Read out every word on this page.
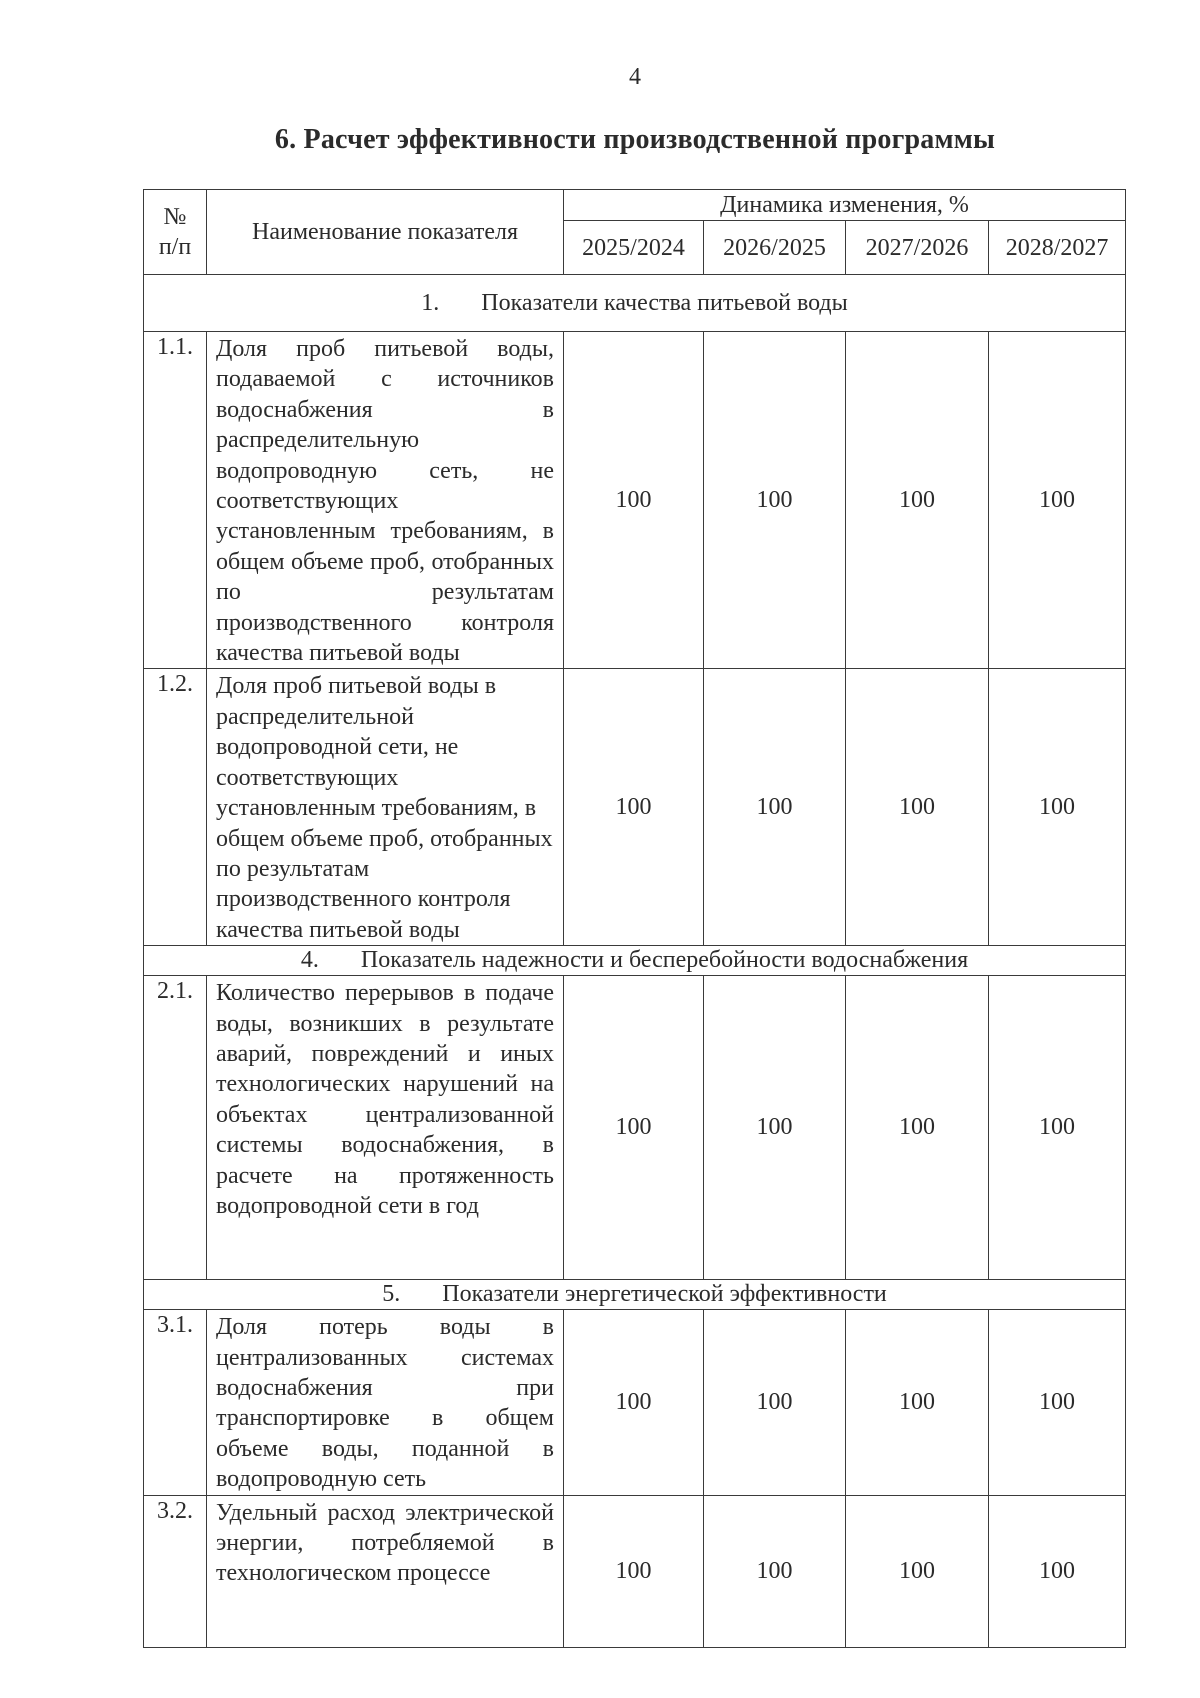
4
6. Расчет эффективности производственной программы
№ п/п	Наименование показателя	Динамика изменения, %			
		2025/2024	2026/2025	2027/2026	2028/2027
1. Показатели качества питьевой воды					
1.1.	Доля проб питьевой воды, подаваемой с источников водоснабжения в распределительную водопроводную сеть, не соответствующих установленным требованиям, в общем объеме проб, отобранных по результатам производственного контроля качества питьевой воды	100	100	100	100
1.2.	Доля проб питьевой воды в распределительной водопроводной сети, не соответствующих установленным требованиям, в общем объеме проб, отобранных по результатам производственного контроля качества питьевой воды	100	100	100	100
4. Показатель надежности и бесперебойности водоснабжения					
2.1.	Количество перерывов в подаче воды, возникших в результате аварий, повреждений и иных технологических нарушений на объектах централизованной системы водоснабжения, в расчете на протяженность водопроводной сети в год	100	100	100	100
5. Показатели энергетической эффективности					
3.1.	Доля потерь воды в централизованных системах водоснабжения при транспортировке в общем объеме воды, поданной в водопроводную сеть	100	100	100	100
3.2.	Удельный расход электрической энергии, потребляемой в технологическом процессе	100	100	100	100
